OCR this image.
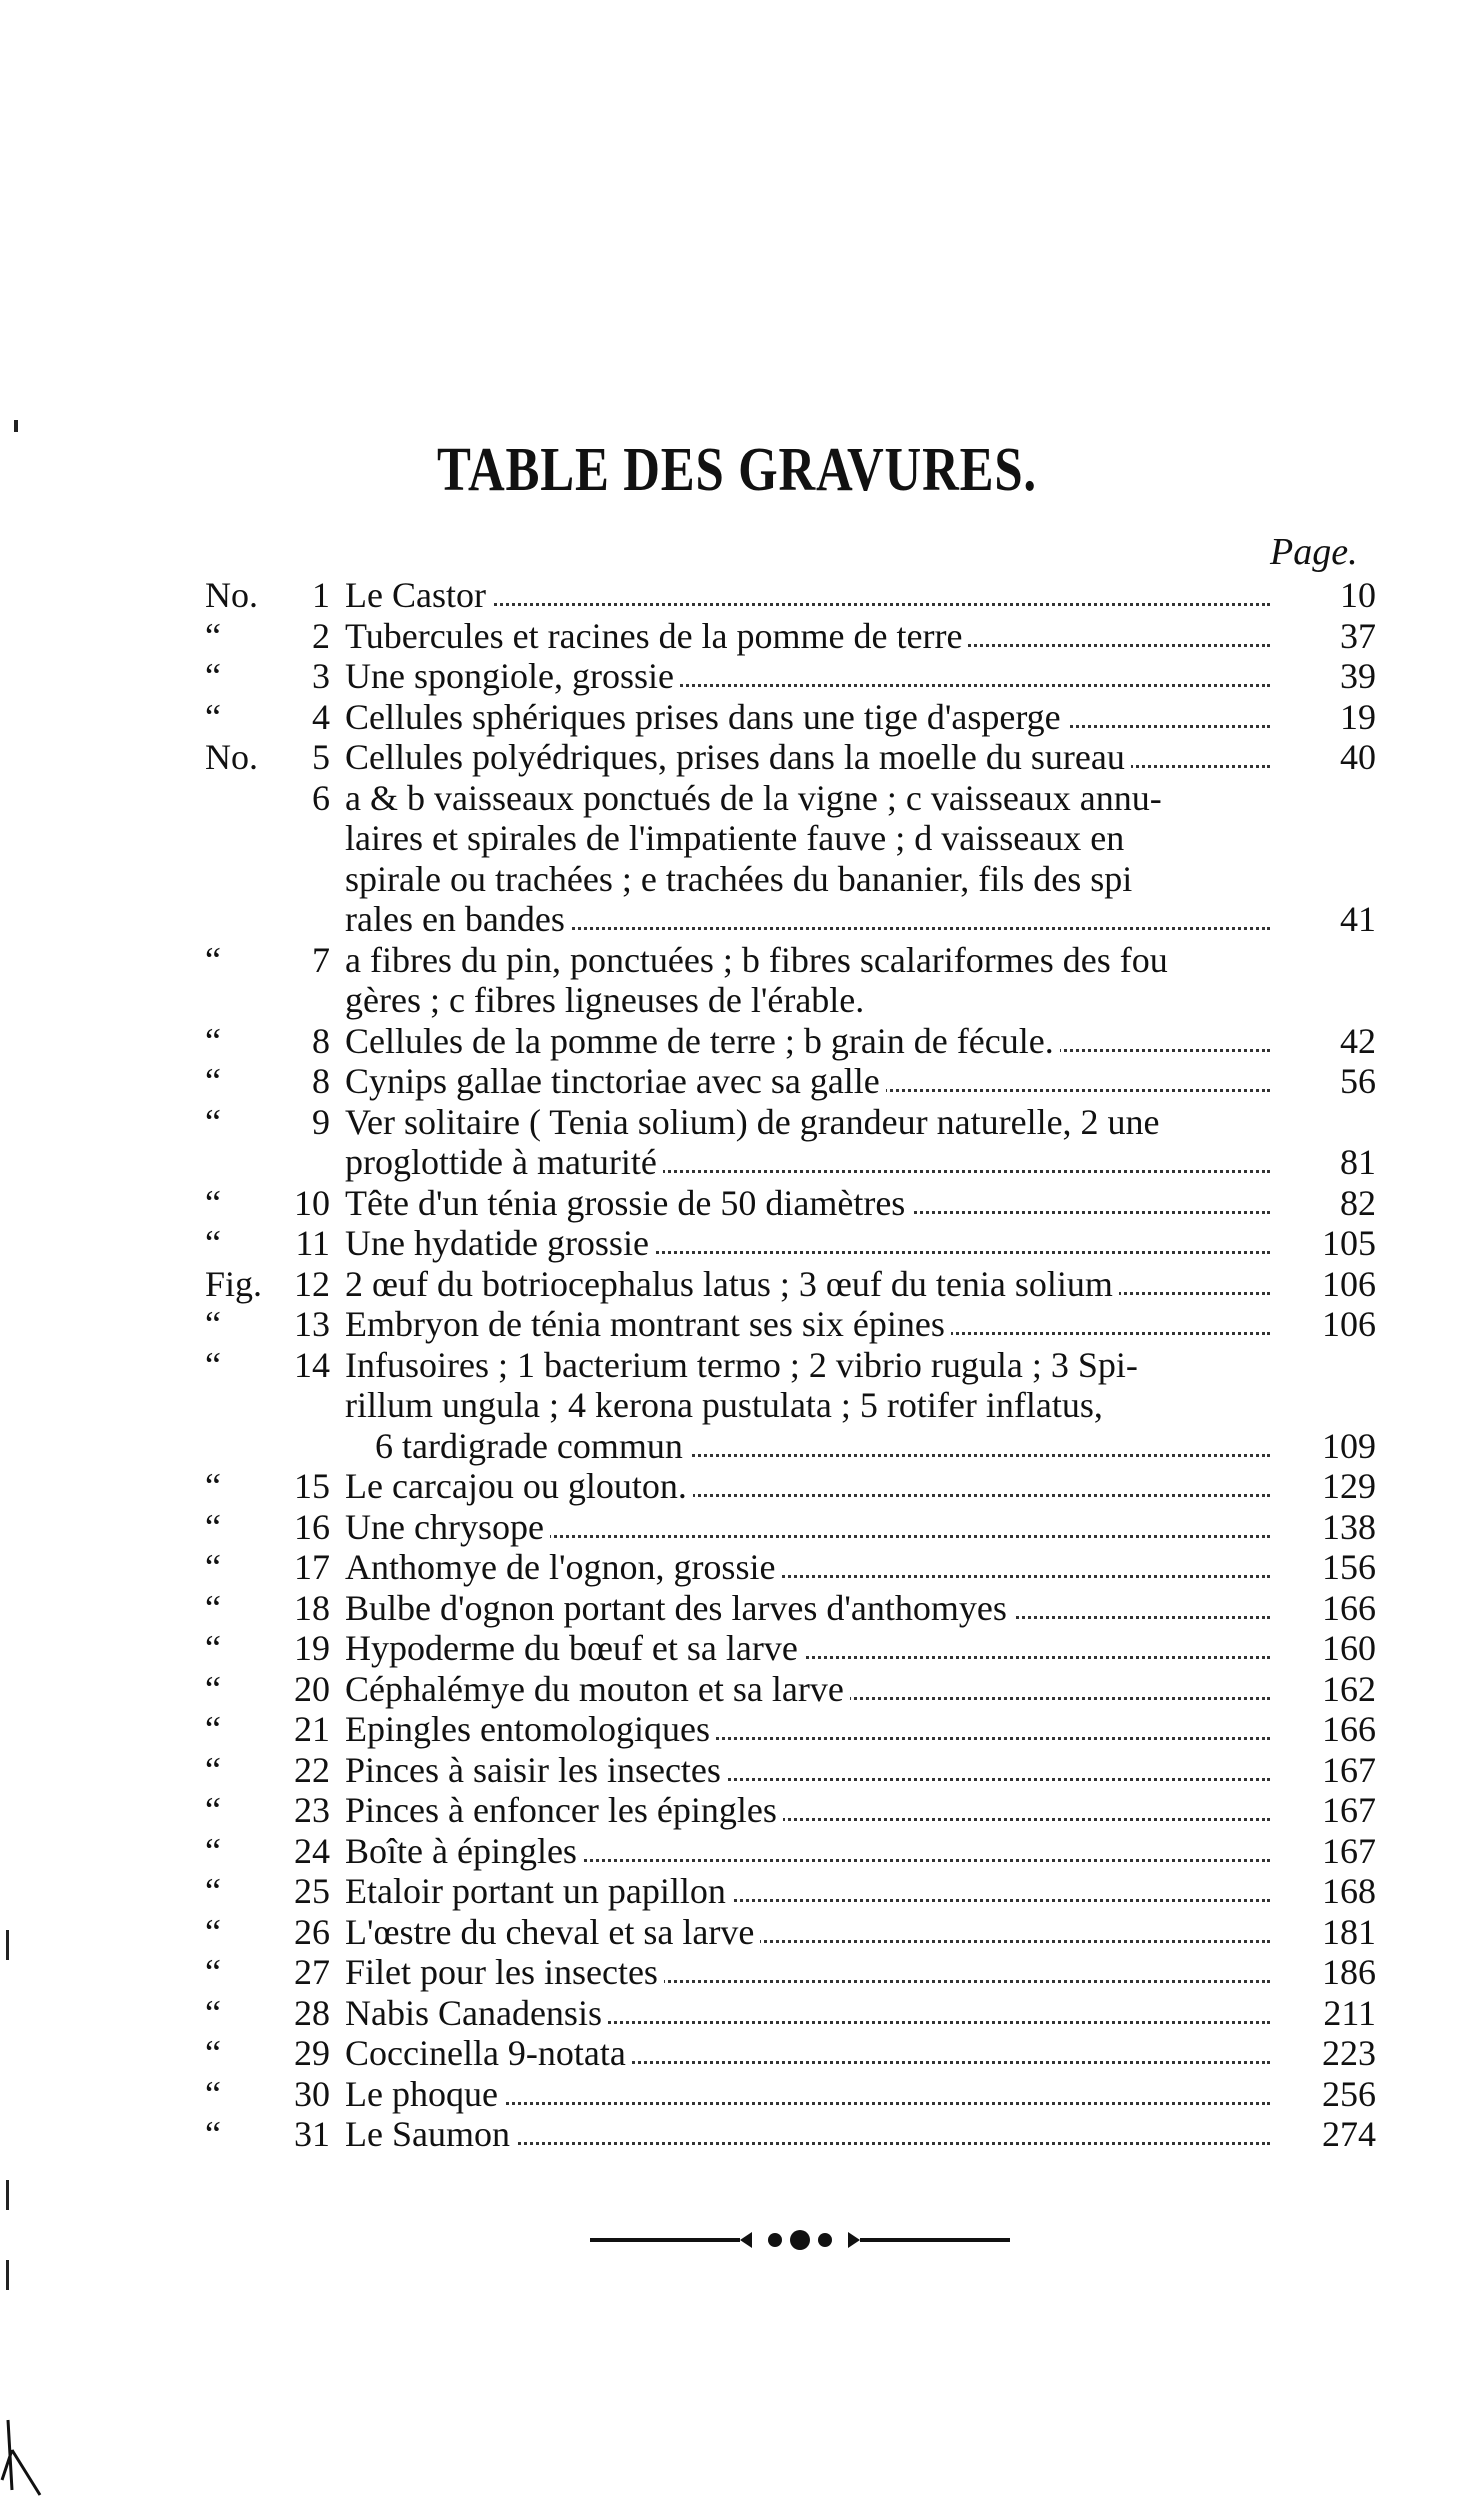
TABLE DES GRAVURES.
Page.
No.	1 Le Castor	10
“	2 Tubercules et racines de la pomme de terre	37
“	3 Une spongiole, grossie	39
“	4 Cellules sphériques prises dans une tige d'asperge	19
No.	5 Cellules polyédriques, prises dans la moelle du sureau	40
6 a & b vaisseaux ponctués de la vigne ; c vaisseaux annu-
laires et spirales de l'impatiente fauve ; d vaisseaux en
spirale ou trachées ; e trachées du bananier, fils des spi
rales en bandes	41
“	7 a fibres du pin, ponctuées ; b fibres scalariformes des fou
gères ; c fibres ligneuses de l'érable.
“	8 Cellules de la pomme de terre ; b grain de fécule.	42
“	8 Cynips gallae tinctoriae avec sa galle	56
“	9 Ver solitaire ( Tenia solium) de grandeur naturelle, 2 une
proglottide à maturité	81
“	10 Tête d'un ténia grossie de 50 diamètres	82
“	11 Une hydatide grossie	105
Fig. 12 2 œuf du botriocephalus latus ; 3 œuf du tenia solium	106
“	13 Embryon de ténia montrant ses six épines	106
“	14 Infusoires ; 1 bacterium termo ; 2 vibrio rugula ; 3 Spi-
rillum ungula ; 4 kerona pustulata ; 5 rotifer inflatus,
6 tardigrade commun	109
“	15 Le carcajou ou glouton.	129
“	16 Une chrysope	138
“	17 Anthomye de l'ognon, grossie	156
“	18 Bulbe d'ognon portant des larves d'anthomyes	166
“	19 Hypoderme du bœuf et sa larve	160
“	20 Céphalémye du mouton et sa larve	162
“	21 Epingles entomologiques	166
“	22 Pinces à saisir les insectes	167
“	23 Pinces à enfoncer les épingles	167
“	24 Boîte à épingles	167
“	25 Etaloir portant un papillon	168
“	26 L'œstre du cheval et sa larve	181
“	27 Filet pour les insectes	186
“	28 Nabis Canadensis	211
“	29 Coccinella 9-notata	223
“	30 Le phoque	256
“	31 Le Saumon	274
